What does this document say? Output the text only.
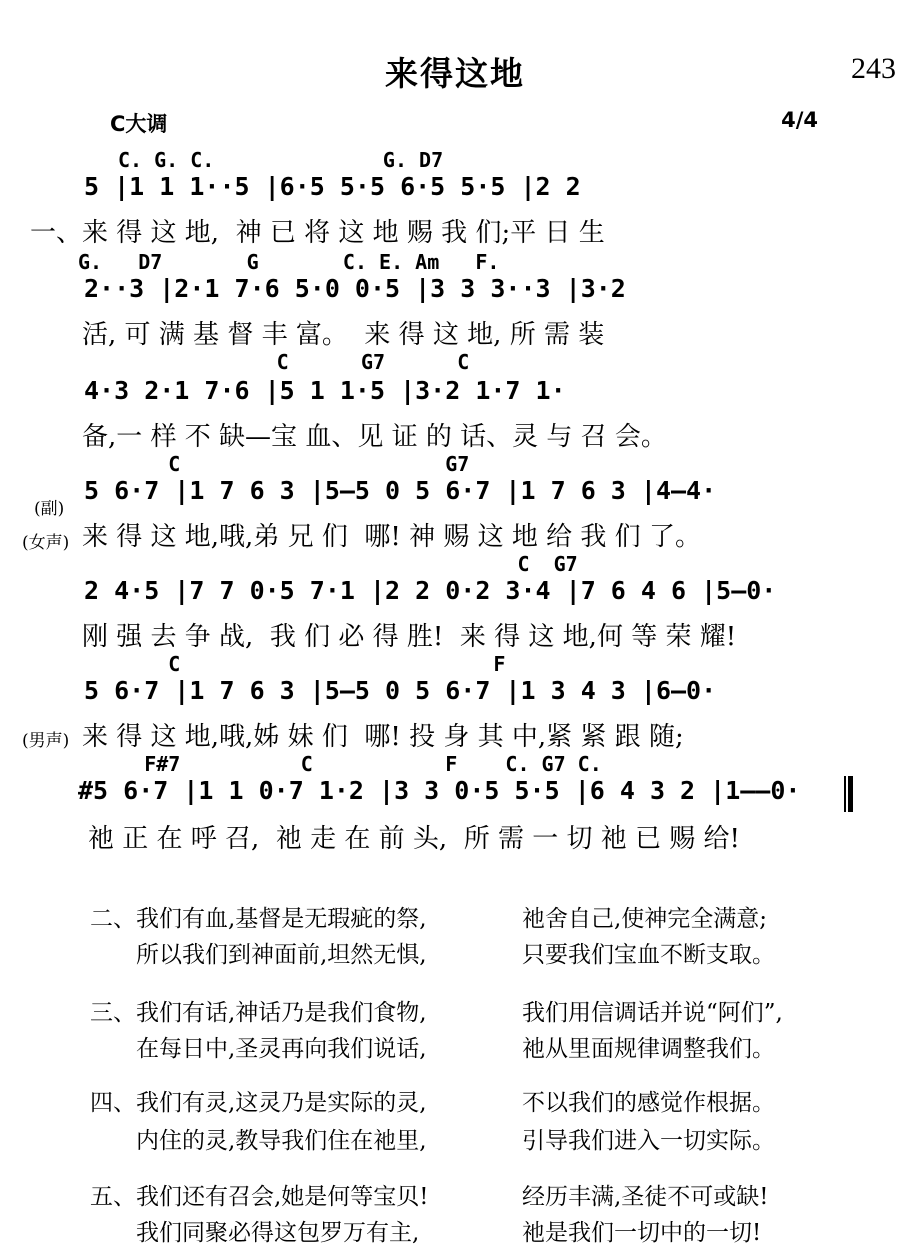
来得这地	243
C大调	4/4
C. G. C.              G. D7
5 |1 1 1··5 |6·5 5·5 6·5 5·5 |2 2
一、来 得 这 地,  神 已 将 这 地 赐 我 们;平 日 生
G.   D7       G       C. E. Am   F.
2··3 |2·1 7·6 5·0 0·5 |3 3 3··3 |3·2
活, 可 满 基 督 丰 富。  来 得 这 地, 所 需 装
C      G7      C
4·3 2·1 7·6 |5 1 1·5 |3·2 1·7 1·
备,一 样 不 缺—宝 血、见 证 的 话、灵 与 召 会。
(副)
C                      G7
5 6·7 |1 7 6 3 |5—5 0 5 6·7 |1 7 6 3 |4—4·
(女声) 来 得 这 地,哦,弟 兄 们  哪! 神 赐 这 地 给 我 们 了。
C  G7
2 4·5 |7 7 0·5 7·1 |2 2 0·2 3·4 |7 6 4 6 |5—0·
刚 强 去 争 战,  我 们 必 得 胜!  来 得 这 地,何 等 荣 耀!
C                          F
5 6·7 |1 7 6 3 |5—5 0 5 6·7 |1 3 4 3 |6—0·
(男声) 来 得 这 地,哦,姊 妹 们  哪! 投 身 其 中,紧 紧 跟 随;
F#7          C           F    C. G7 C.
#5 6·7 |1 1 0·7 1·2 |3 3 0·5 5·5 |6 4 3 2 |1——0·
祂 正 在 呼 召,  祂 走 在 前 头,  所 需 一 切 祂 已 赐 给!
二、我们有血,基督是无瑕疵的祭,	祂舍自己,使神完全满意;
所以我们到神面前,坦然无惧,	只要我们宝血不断支取。
三、我们有话,神话乃是我们食物,	我们用信调话并说“阿们”,
在每日中,圣灵再向我们说话,	祂从里面规律调整我们。
四、我们有灵,这灵乃是实际的灵,	不以我们的感觉作根据。
内住的灵,教导我们住在祂里,	引导我们进入一切实际。
五、我们还有召会,她是何等宝贝!	经历丰满,圣徒不可或缺!
我们同聚必得这包罗万有主,	祂是我们一切中的一切!
